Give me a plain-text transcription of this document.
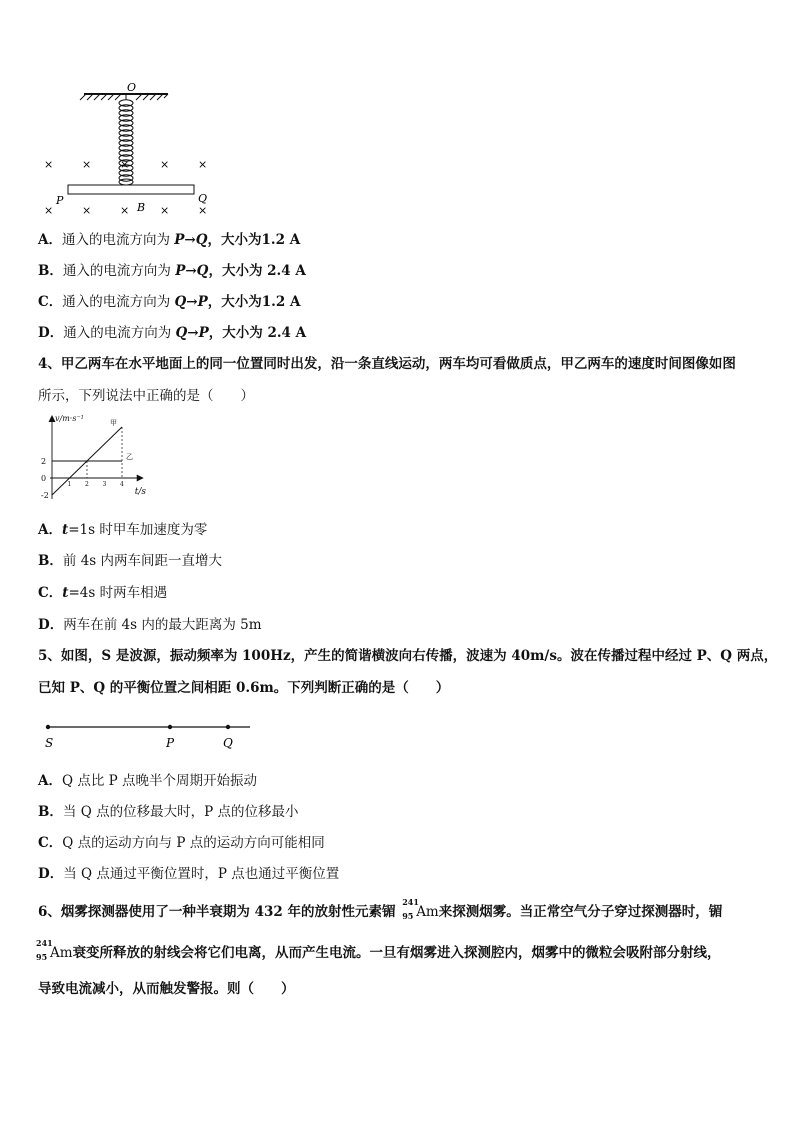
O
×	×	×	×	×
P	Q
×	×	×	×	×
B
A．通入的电流方向为 P→Q，大小为1.2 A
B．通入的电流方向为 P→Q，大小为 2.4 A
C．通入的电流方向为 Q→P，大小为1.2 A
D．通入的电流方向为 Q→P，大小为 2.4 A
4、甲乙两车在水平地面上的同一位置同时出发，沿一条直线运动，两车均可看做质点，甲乙两车的速度时间图像如图
所示，下列说法中正确的是（　　）
v/m·s⁻¹
t/s
1 2 3 4
2
0
-2
甲
乙
A．t=1s 时甲车加速度为零
B．前 4s 内两车间距一直增大
C．t=4s 时两车相遇
D．两车在前 4s 内的最大距离为 5m
5、如图，S 是波源，振动频率为 100Hz，产生的简谐横波向右传播，波速为 40m/s。波在传播过程中经过 P、Q 两点，
已知 P、Q 的平衡位置之间相距 0.6m。下列判断正确的是（　　）
S	P	Q
A．Q 点比 P 点晚半个周期开始振动
B．当 Q 点的位移最大时，P 点的位移最小
C．Q 点的运动方向与 P 点的运动方向可能相同
D．当 Q 点通过平衡位置时，P 点也通过平衡位置
6、烟雾探测器使用了一种半衰期为 432 年的放射性元素镅
241
95 Am来探测烟雾。当正常空气分子穿过探测器时，镅
241
95 Am衰变所释放的射线会将它们电离，从而产生电流。一旦有烟雾进入探测腔内，烟雾中的微粒会吸附部分射线，
导致电流减小，从而触发警报。则（　　）
